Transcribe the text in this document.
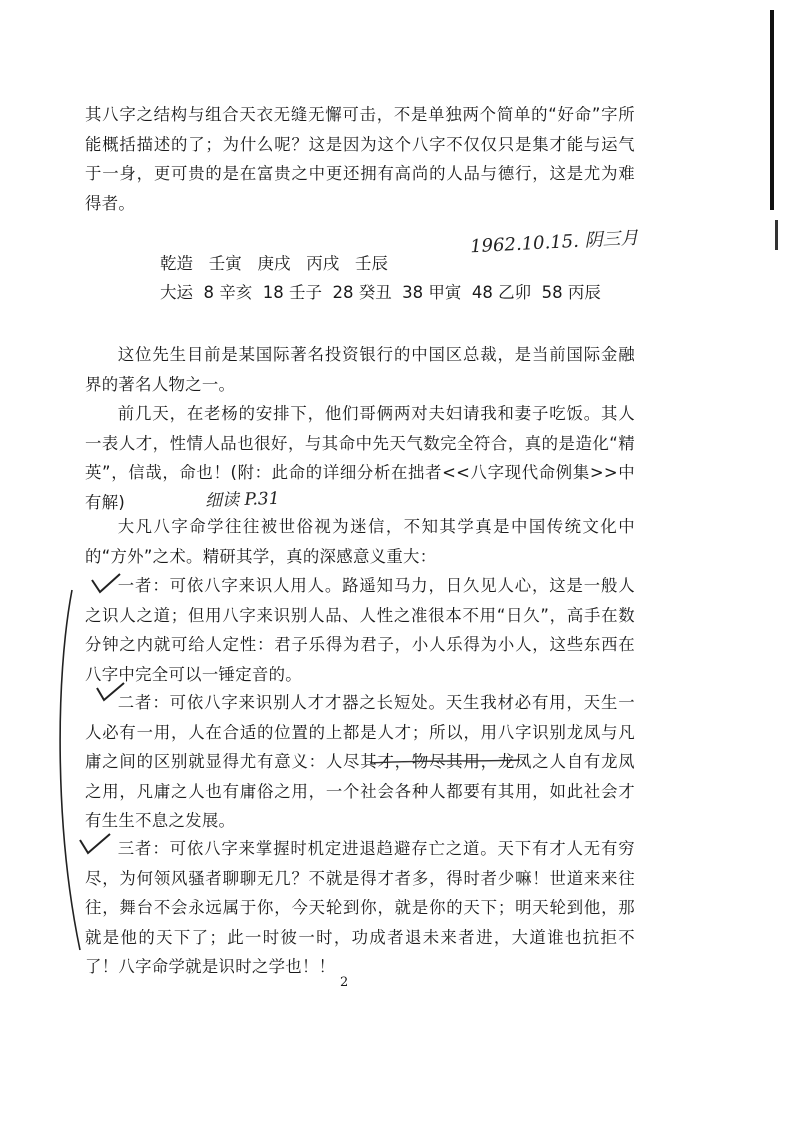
其八字之结构与组合天衣无缝无懈可击，不是单独两个简单的“好命”字所能概括描述的了；为什么呢？这是因为这个八字不仅仅只是集才能与运气于一身，更可贵的是在富贵之中更还拥有高尚的人品与德行，这是尤为难得者。

乾造   壬寅   庚戌   丙戌   壬辰

大运  8 辛亥  18 壬子  28 癸丑  38 甲寅  48 乙卯  58 丙辰

1962.10.15. 阴三月

这位先生目前是某国际著名投资银行的中国区总裁，是当前国际金融界的著名人物之一。

前几天，在老杨的安排下，他们哥俩两对夫妇请我和妻子吃饭。其人一表人才，性情人品也很好，与其命中先天气数完全符合，真的是造化“精英”，信哉，命也！(附：此命的详细分析在拙者<<八字现代命例集>>中有解)	细读 P.31

大凡八字命学往往被世俗视为迷信，不知其学真是中国传统文化中的“方外”之术。精研其学，真的深感意义重大：

一者：可依八字来识人用人。路遥知马力，日久见人心，这是一般人之识人之道；但用八字来识别人品、人性之准很本不用“日久”，高手在数分钟之内就可给人定性：君子乐得为君子，小人乐得为小人，这些东西在八字中完全可以一锤定音的。

二者：可依八字来识别人才才器之长短处。天生我材必有用，天生一人必有一用，人在合适的位置的上都是人才；所以，用八字识别龙凤与凡庸之间的区别就显得尤有意义：人尽其才，物尽其用，龙凤之人自有龙凤之用，凡庸之人也有庸俗之用，一个社会各种人都要有其用，如此社会才有生生不息之发展。

三者：可依八字来掌握时机定进退趋避存亡之道。天下有才人无有穷尽，为何领风骚者聊聊无几？不就是得才者多，得时者少嘛！世道来来往往，舞台不会永远属于你，今天轮到你，就是你的天下；明天轮到他，那就是他的天下了；此一时彼一时，功成者退未来者进，大道谁也抗拒不了！八字命学就是识时之学也！！

2
